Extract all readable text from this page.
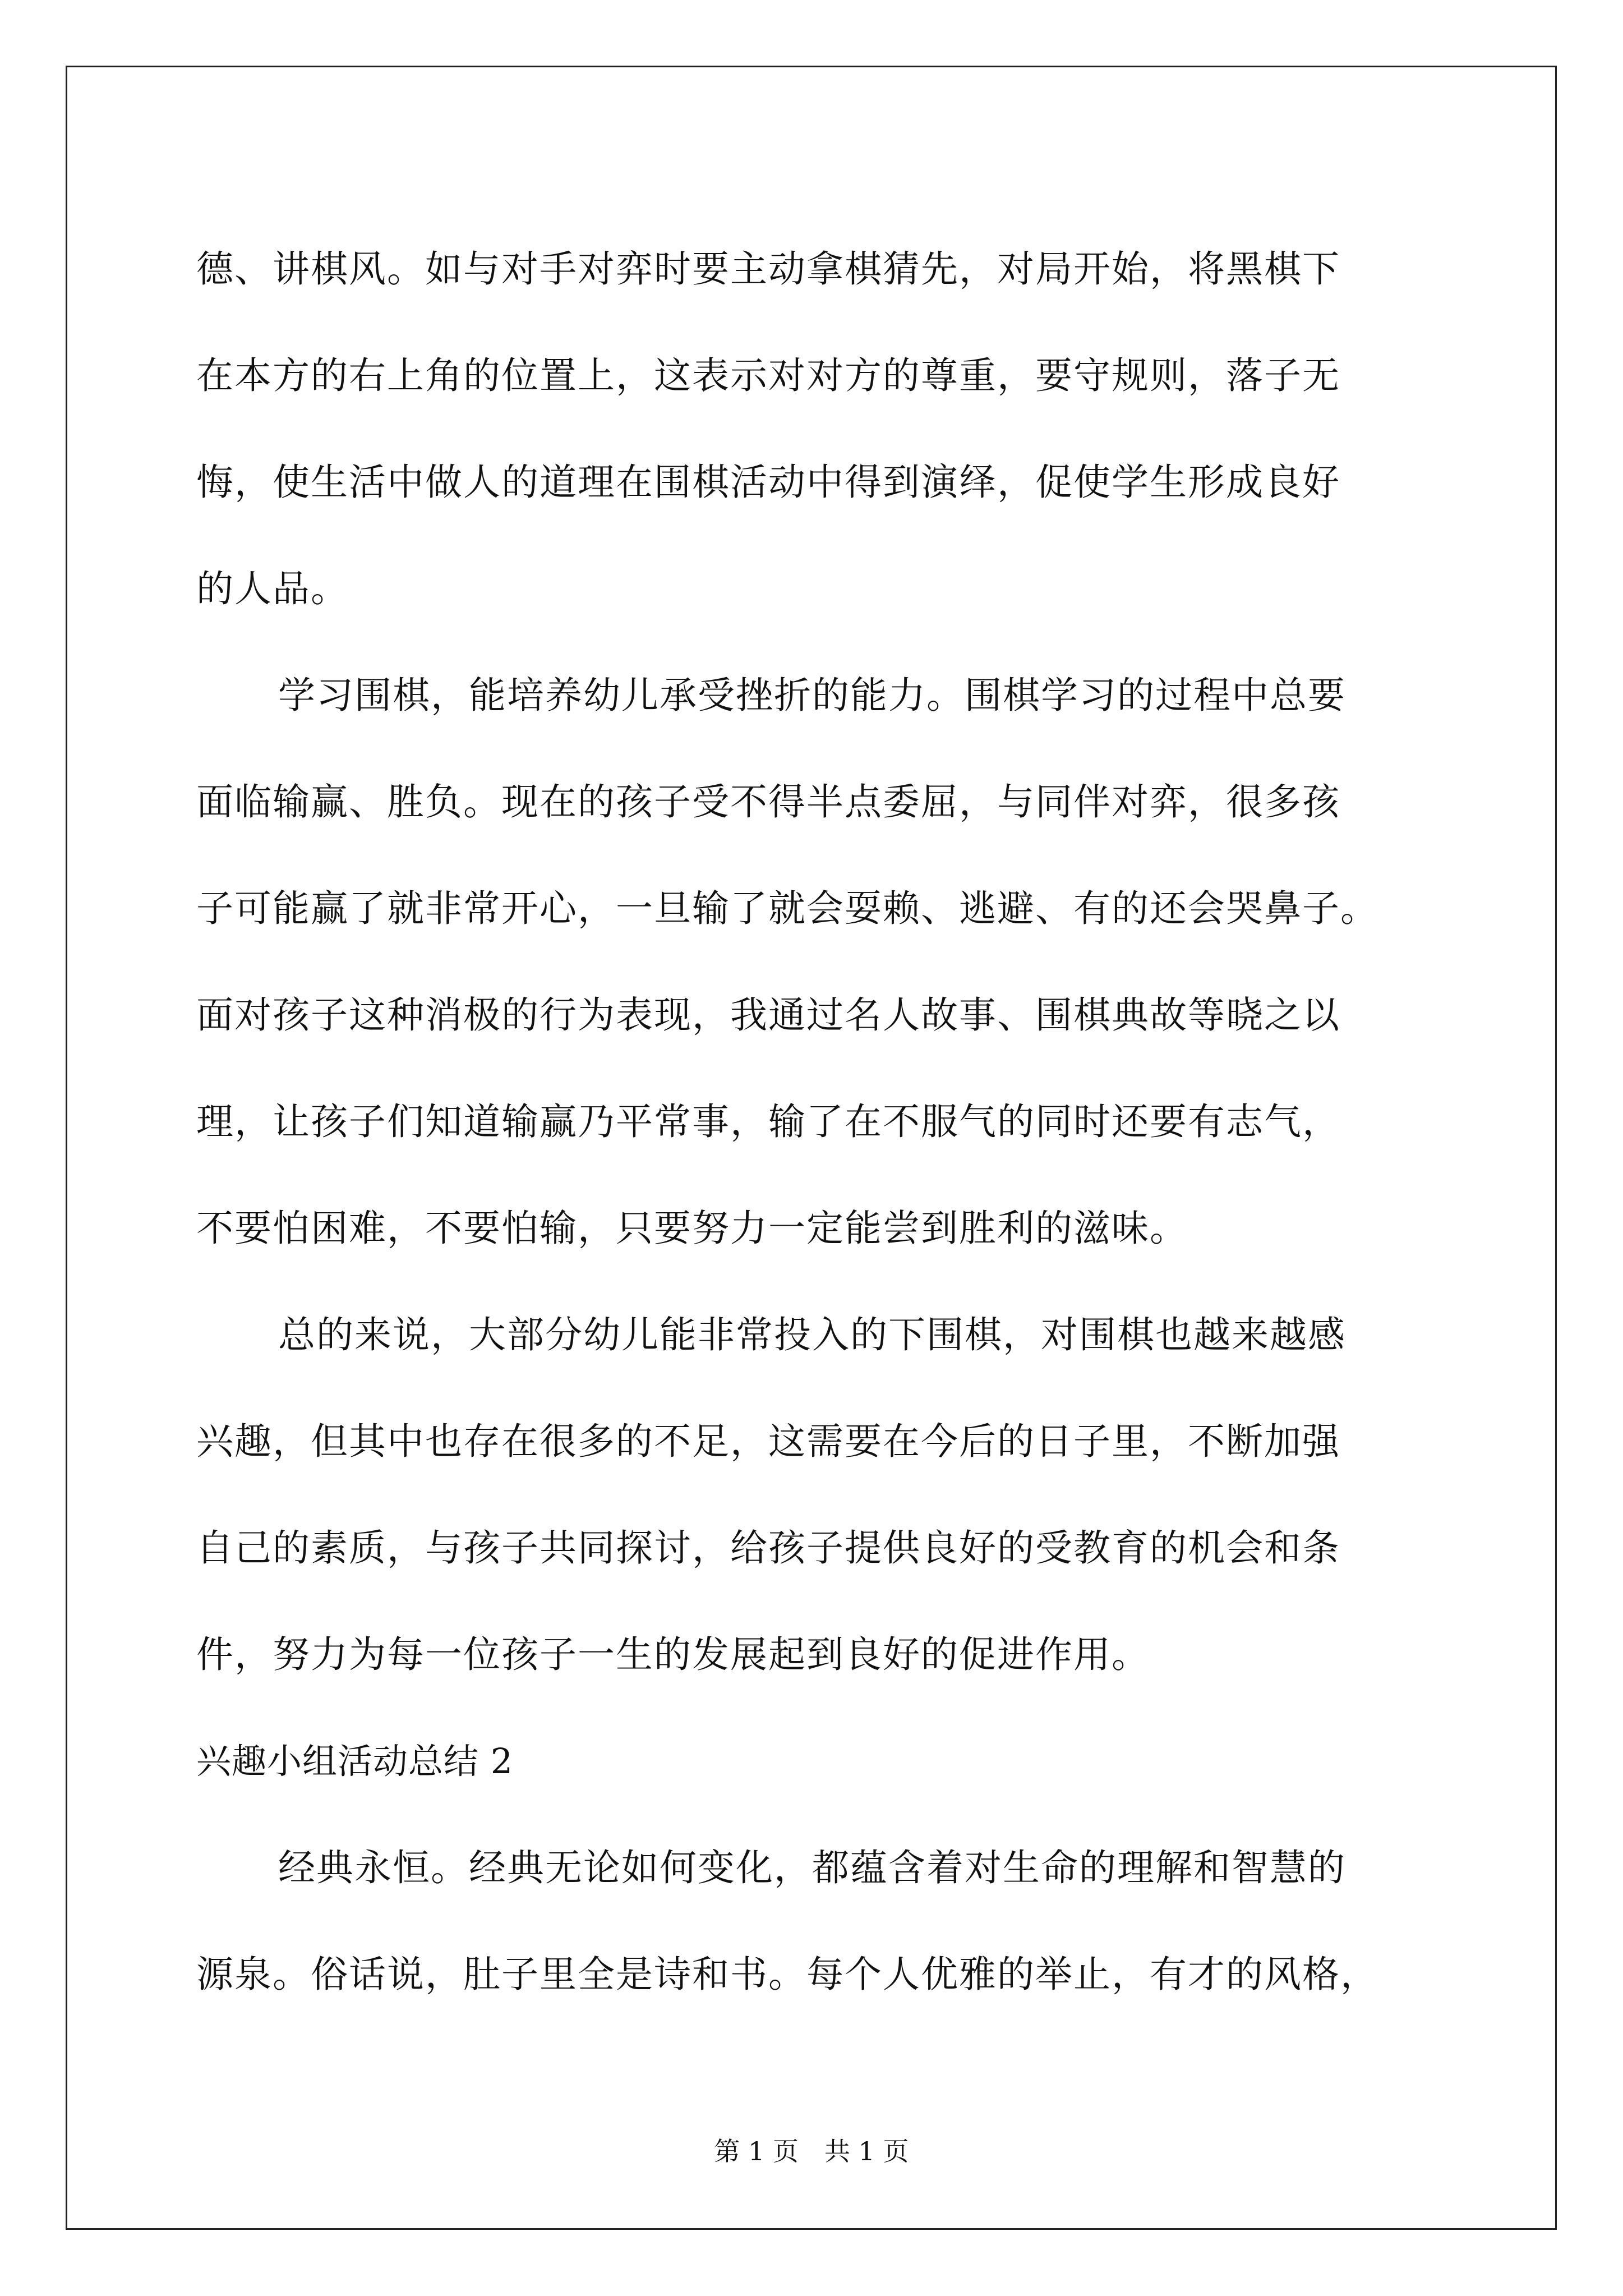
德、讲棋风。如与对手对弈时要主动拿棋猜先，对局开始，将黑棋下
在本方的右上角的位置上，这表示对对方的尊重，要守规则，落子无
悔，使生活中做人的道理在围棋活动中得到演绎，促使学生形成良好
的人品。
学习围棋，能培养幼儿承受挫折的能力。围棋学习的过程中总要
面临输赢、胜负。现在的孩子受不得半点委屈，与同伴对弈，很多孩
子可能赢了就非常开心，一旦输了就会耍赖、逃避、有的还会哭鼻子。
面对孩子这种消极的行为表现，我通过名人故事、围棋典故等晓之以
理，让孩子们知道输赢乃平常事，输了在不服气的同时还要有志气，
不要怕困难，不要怕输，只要努力一定能尝到胜利的滋味。
总的来说，大部分幼儿能非常投入的下围棋，对围棋也越来越感
兴趣，但其中也存在很多的不足，这需要在今后的日子里，不断加强
自己的素质，与孩子共同探讨，给孩子提供良好的受教育的机会和条
件，努力为每一位孩子一生的发展起到良好的促进作用。
兴趣小组活动总结 2
经典永恒。经典无论如何变化，都蕴含着对生命的理解和智慧的
源泉。俗话说，肚子里全是诗和书。每个人优雅的举止，有才的风格，
第 1 页 共 1 页
